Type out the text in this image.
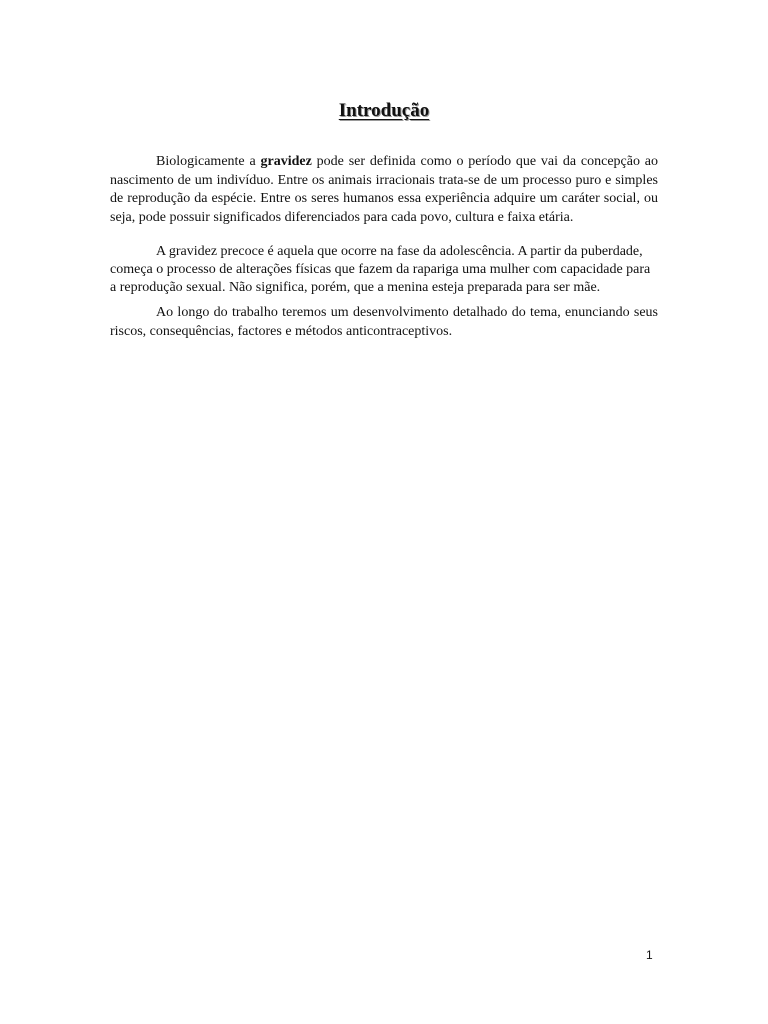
Introdução

Biologicamente a gravidez pode ser definida como o período que vai da concepção ao nascimento de um indivíduo. Entre os animais irracionais trata-se de um processo puro e simples de reprodução da espécie. Entre os seres humanos essa experiência adquire um caráter social, ou seja, pode possuir significados diferenciados para cada povo, cultura e faixa etária.

A gravidez precoce é aquela que ocorre na fase da adolescência. A partir da puberdade, começa o processo de alterações físicas que fazem da rapariga uma mulher com capacidade para a reprodução sexual. Não significa, porém, que a menina esteja preparada para ser mãe.

Ao longo do trabalho teremos um desenvolvimento detalhado do tema, enunciando seus riscos, consequências, factores e métodos anticontraceptivos.

1
